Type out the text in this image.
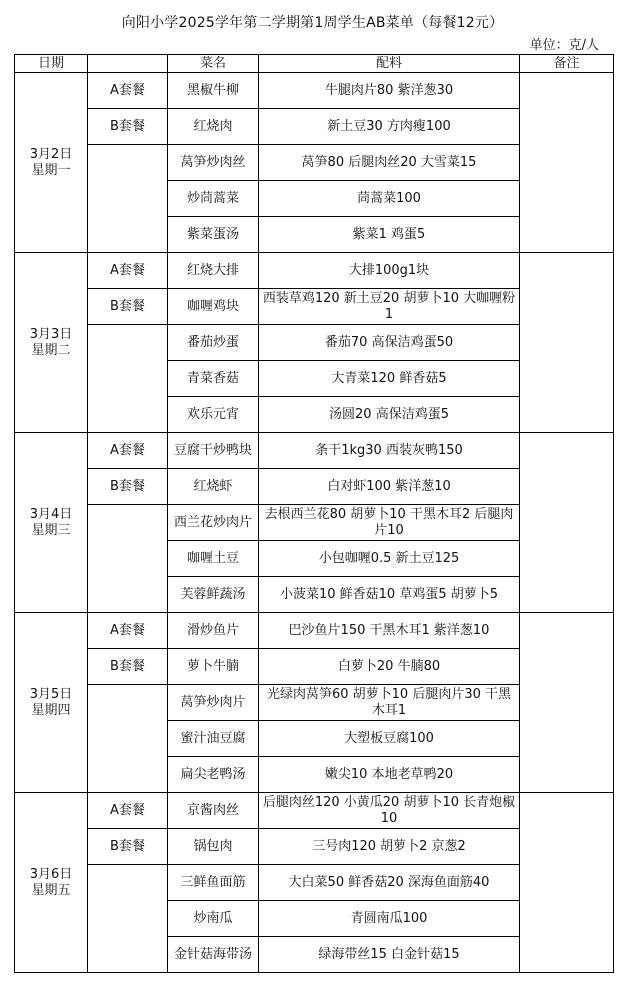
向阳小学2025学年第二学期第1周学生AB菜单（每餐12元）
单位：克/人
日期		菜名	配料	备注

3月2日
星期一	A套餐	黑椒牛柳	牛腿肉片80 紫洋葱30	
	B套餐	红烧肉	新土豆30 方肉瘦100	
		莴笋炒肉丝	莴笋80 后腿肉丝20 大雪菜15	
		炒茼蒿菜	茼蒿菜100	
		紫菜蛋汤	紫菜1 鸡蛋5	

3月3日
星期二	A套餐	红烧大排	大排100g1块	
	B套餐	咖喱鸡块	西装草鸡120 新土豆20 胡萝卜10 大咖喱粉1	
		番茄炒蛋	番茄70 高保洁鸡蛋50	
		青菜香菇	大青菜120 鲜香菇5	
		欢乐元宵	汤圆20 高保洁鸡蛋5	

3月4日
星期三	A套餐	豆腐干炒鸭块	条干1kg30 西装灰鸭150	
	B套餐	红烧虾	白对虾100 紫洋葱10	
		西兰花炒肉片	去根西兰花80 胡萝卜10 干黑木耳2 后腿肉片10	
		咖喱土豆	小包咖喱0.5 新土豆125	
		芙蓉鲜蔬汤	小菠菜10 鲜香菇10 草鸡蛋5 胡萝卜5	

3月5日
星期四	A套餐	滑炒鱼片	巴沙鱼片150 干黑木耳1 紫洋葱10	
	B套餐	萝卜牛腩	白萝卜20 牛腩80	
		莴笋炒肉片	光绿肉莴笋60 胡萝卜10 后腿肉片30 干黑木耳1	
		蜜汁油豆腐	大塑板豆腐100	
		扁尖老鸭汤	嫩尖10 本地老草鸭20	

3月6日
星期五	A套餐	京酱肉丝	后腿肉丝120 小黄瓜20 胡萝卜10 长青炮椒10	
	B套餐	锅包肉	三号肉120 胡萝卜2 京葱2	
		三鲜鱼面筋	大白菜50 鲜香菇20 深海鱼面筋40	
		炒南瓜	青圆南瓜100	
		金针菇海带汤	绿海带丝15 白金针菇15	
